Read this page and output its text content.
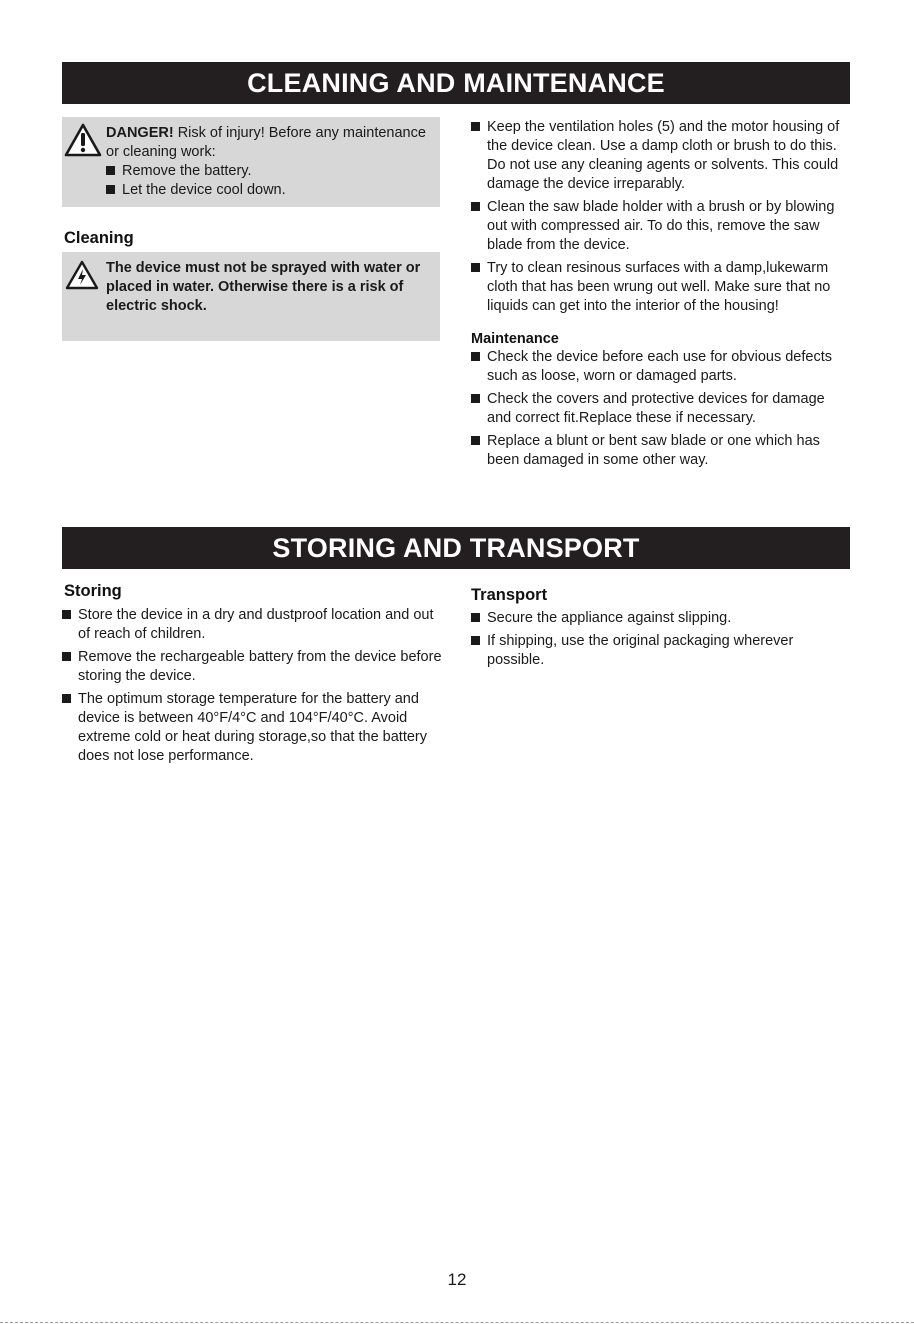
CLEANING AND MAINTENANCE
DANGER! Risk of injury! Before any maintenance or cleaning work:
Remove the battery.
Let the device cool down.
Cleaning
The device must not be sprayed with water or placed in water. Otherwise there is a risk of electric shock.
Keep the ventilation holes (5) and the motor housing of the device clean. Use a damp cloth or brush to do this. Do not use any cleaning agents or solvents. This could damage the device irreparably.
Clean the saw blade holder with a brush or by blowing out with compressed air. To do this, remove the saw blade from the device.
Try to clean resinous surfaces with a damp,lukewarm cloth that has been wrung out well. Make sure that no liquids can get into the interior of the housing!
Maintenance
Check the device before each use for obvious defects such as loose, worn or damaged parts.
Check the covers and protective devices for damage and correct fit.Replace these if necessary.
Replace a blunt or bent saw blade or one which has been damaged in some other way.
STORING AND TRANSPORT
Storing
Store the device in a dry and dustproof location and out of reach of children.
Remove the rechargeable battery from the device before storing the device.
The optimum storage temperature for the battery and device is between 40°F/4°C and 104°F/40°C. Avoid extreme cold or heat during storage,so that the battery does not lose performance.
Transport
Secure the appliance against slipping.
If shipping, use the original packaging wherever possible.
12
